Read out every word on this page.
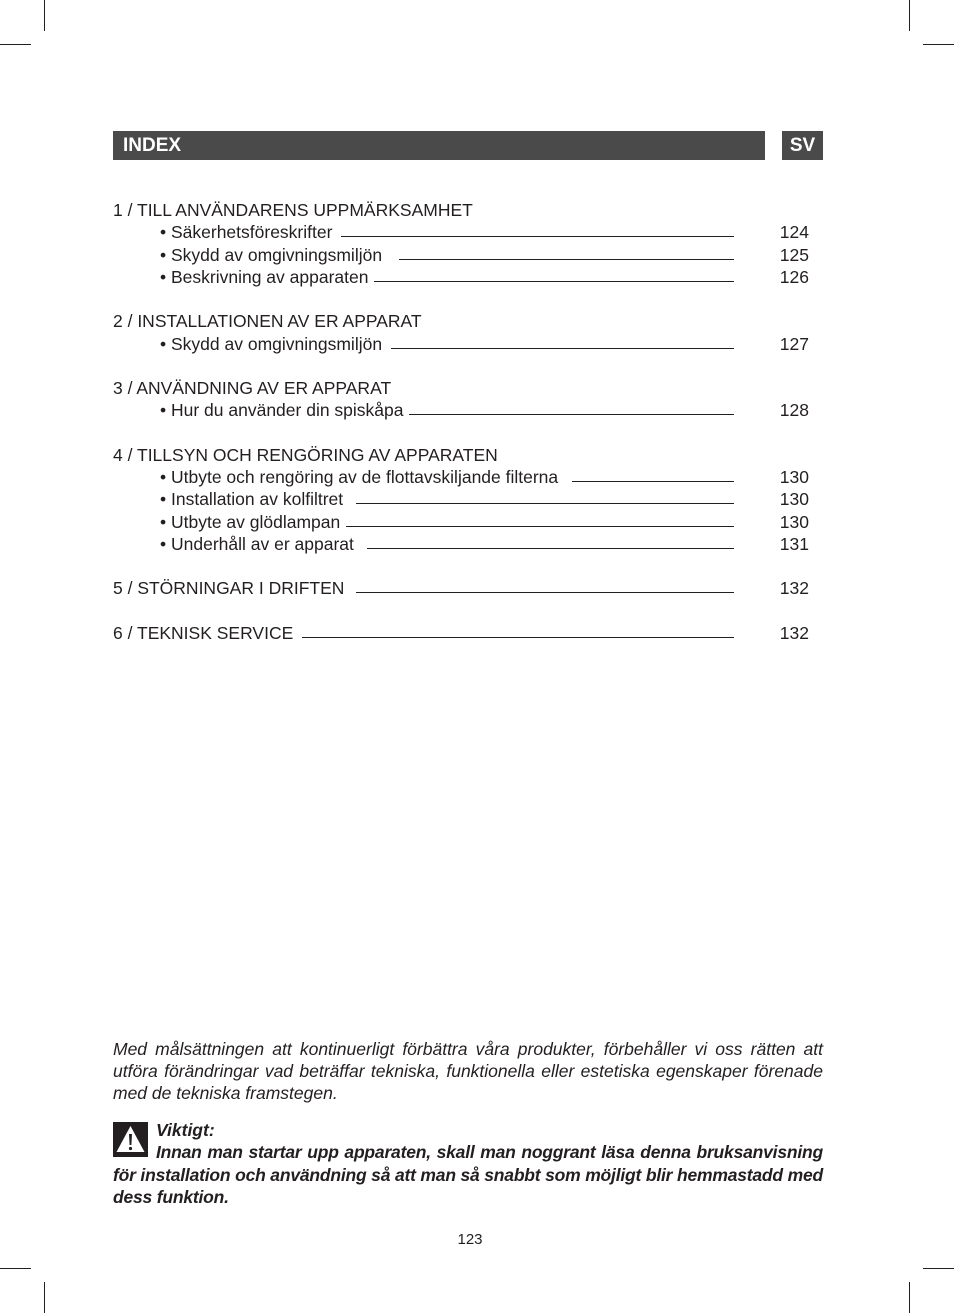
INDEX	SV
1 / TILL ANVÄNDARENS UPPMÄRKSAMHET
• Säkerhetsföreskrifter	124
• Skydd av omgivningsmiljön	125
• Beskrivning av apparaten	126
2 / INSTALLATIONEN AV ER APPARAT
• Skydd av omgivningsmiljön	127
3 / ANVÄNDNING AV ER APPARAT
• Hur du använder din spiskåpa	128
4 / TILLSYN OCH RENGÖRING AV APPARATEN
• Utbyte och rengöring av de flottavskiljande filterna	130
• Installation av kolfiltret	130
• Utbyte av glödlampan	130
• Underhåll av er apparat	131
5 / STÖRNINGAR I DRIFTEN	132
6 / TEKNISK SERVICE	132
Med målsättningen att kontinuerligt förbättra våra produkter, förbehåller vi oss rätten att utföra förändringar vad beträffar tekniska, funktionella eller estetiska egenskaper förenade med de tekniska framstegen.
Viktigt:
Innan man startar upp apparaten, skall man noggrant läsa denna bruksanvisning för installation och användning så att man så snabbt som möjligt blir hemmastadd med dess funktion.
123
